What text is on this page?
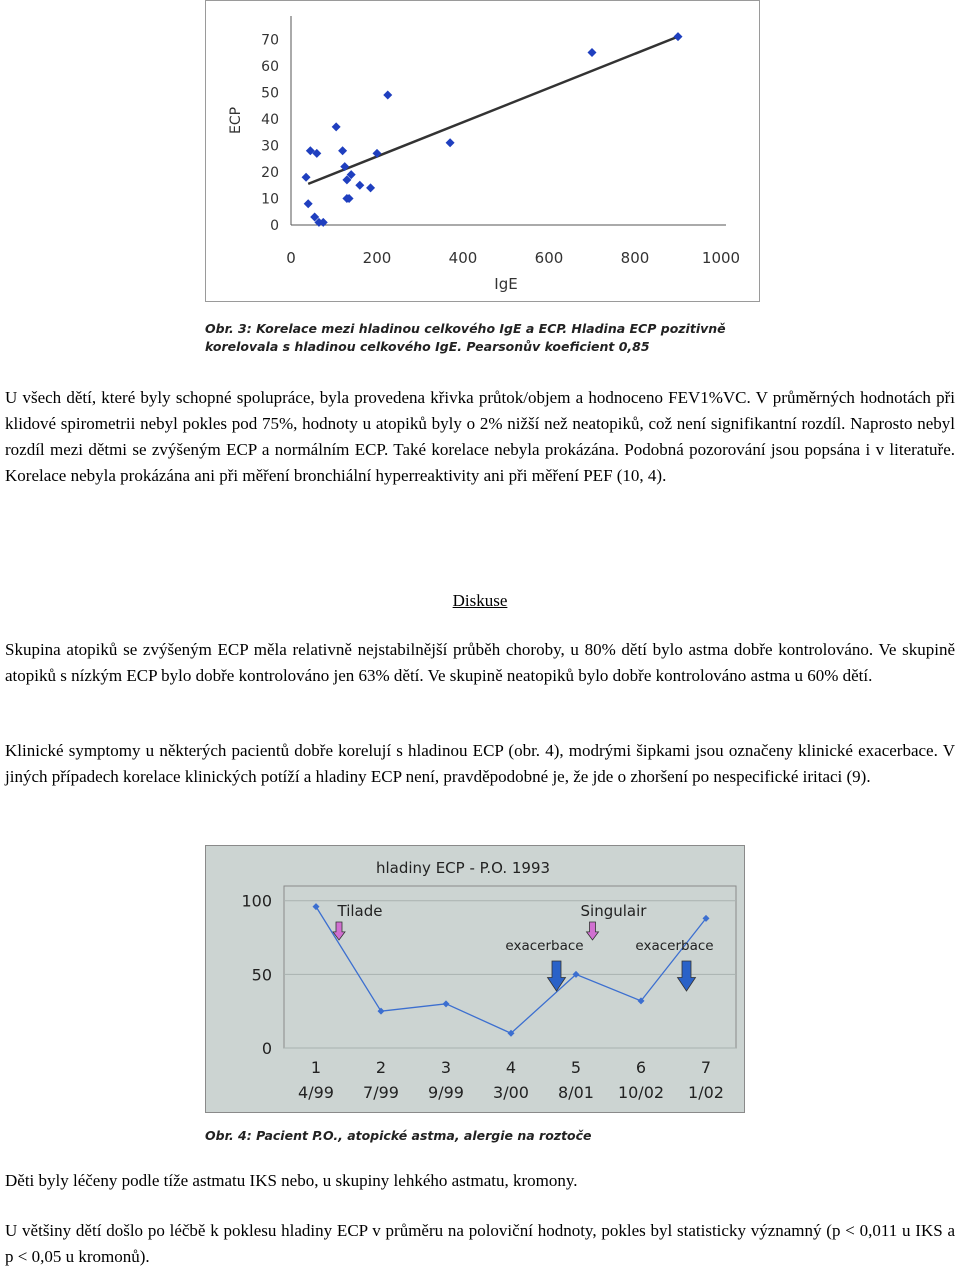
0
10
20
30
40
50
60
70
0	200	400	600	800	1000
ECP
IgE
Obr. 3: Korelace mezi hladinou celkového IgE a ECP. Hladina ECP pozitivně
korelovala s hladinou celkového IgE. Pearsonův koeficient 0,85
U všech dětí, které byly schopné spolupráce, byla provedena křivka průtok/objem a hodnoceno FEV1%VC. V průměrných hodnotách při klidové spirometrii nebyl pokles pod 75%, hodnoty u atopiků byly o 2% nižší než neatopiků, což není signifikantní rozdíl. Naprosto nebyl rozdíl mezi dětmi se zvýšeným ECP a normálním ECP. Také korelace nebyla prokázána. Podobná pozorování jsou popsána i v literatuře. Korelace nebyla prokázána ani při měření bronchiální hyperreaktivity ani při měření PEF (10, 4).
Diskuse
Skupina atopiků se zvýšeným ECP měla relativně nejstabilnější průběh choroby, u 80% dětí bylo astma dobře kontrolováno. Ve skupině atopiků s nízkým ECP bylo dobře kontrolováno jen 63% dětí. Ve skupině neatopiků bylo dobře kontrolováno astma u 60% dětí.
Klinické symptomy u některých pacientů dobře korelují s hladinou ECP (obr. 4), modrými šipkami jsou označeny klinické exacerbace. V jiných případech korelace klinických potíží a hladiny ECP není, pravděpodobné je, že jde o zhoršení po nespecifické iritaci (9).
hladiny ECP - P.O. 1993
0
50
100
1
4/99
2
7/99
3
9/99
4
3/00
5
8/01
6
10/02
7
1/02
Tilade	Singulair
exacerbace	exacerbace
Obr. 4: Pacient P.O., atopické astma, alergie na roztoče
Děti byly léčeny podle tíže astmatu IKS nebo, u skupiny lehkého astmatu, kromony.
U většiny dětí došlo po léčbě k poklesu hladiny ECP v průměru na poloviční hodnoty, pokles byl statisticky významný (p < 0,011 u IKS a p < 0,05 u kromonů).
